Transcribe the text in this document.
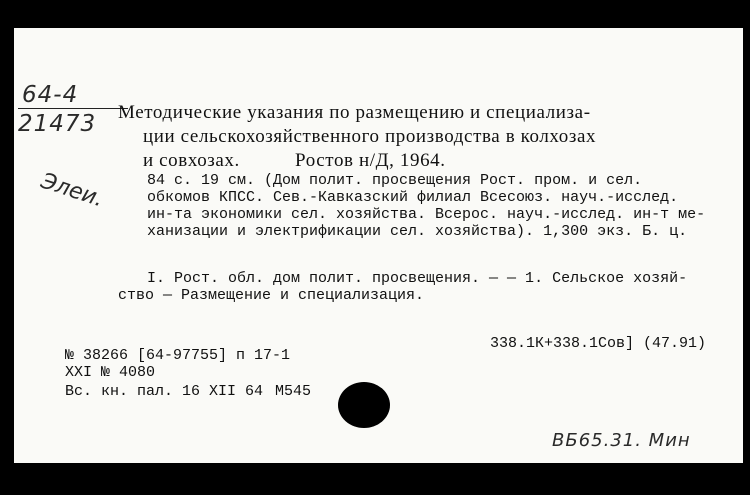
64-4
21473
Элеи.
Методические указания по размещению и специализа-
ции сельскохозяйственного производства в колхозах
и совхозах.	Ростов н/Д, 1964.
84 с. 19 см. (Дом полит. просвещения Рост. пром. и сел.
обкомов КПСС. Сев.-Кавказский филиал Всесоюз. науч.-исслед.
ин-та экономики сел. хозяйства. Всерос. науч.-исслед. ин-т ме-
ханизации и электрификации сел. хозяйства). 1,300 экз. Б. ц.
I. Рост. обл. дом полит. просвещения. — — 1. Сельское хозяй-
ство — Размещение и специализация.
338.1К+338.1Сов] (47.91)
№ 38266 [64-97755] п 17-1
XXI № 4080
Вс. кн. пал. 16 XII 64 М545
ВБ65.31. Мин
